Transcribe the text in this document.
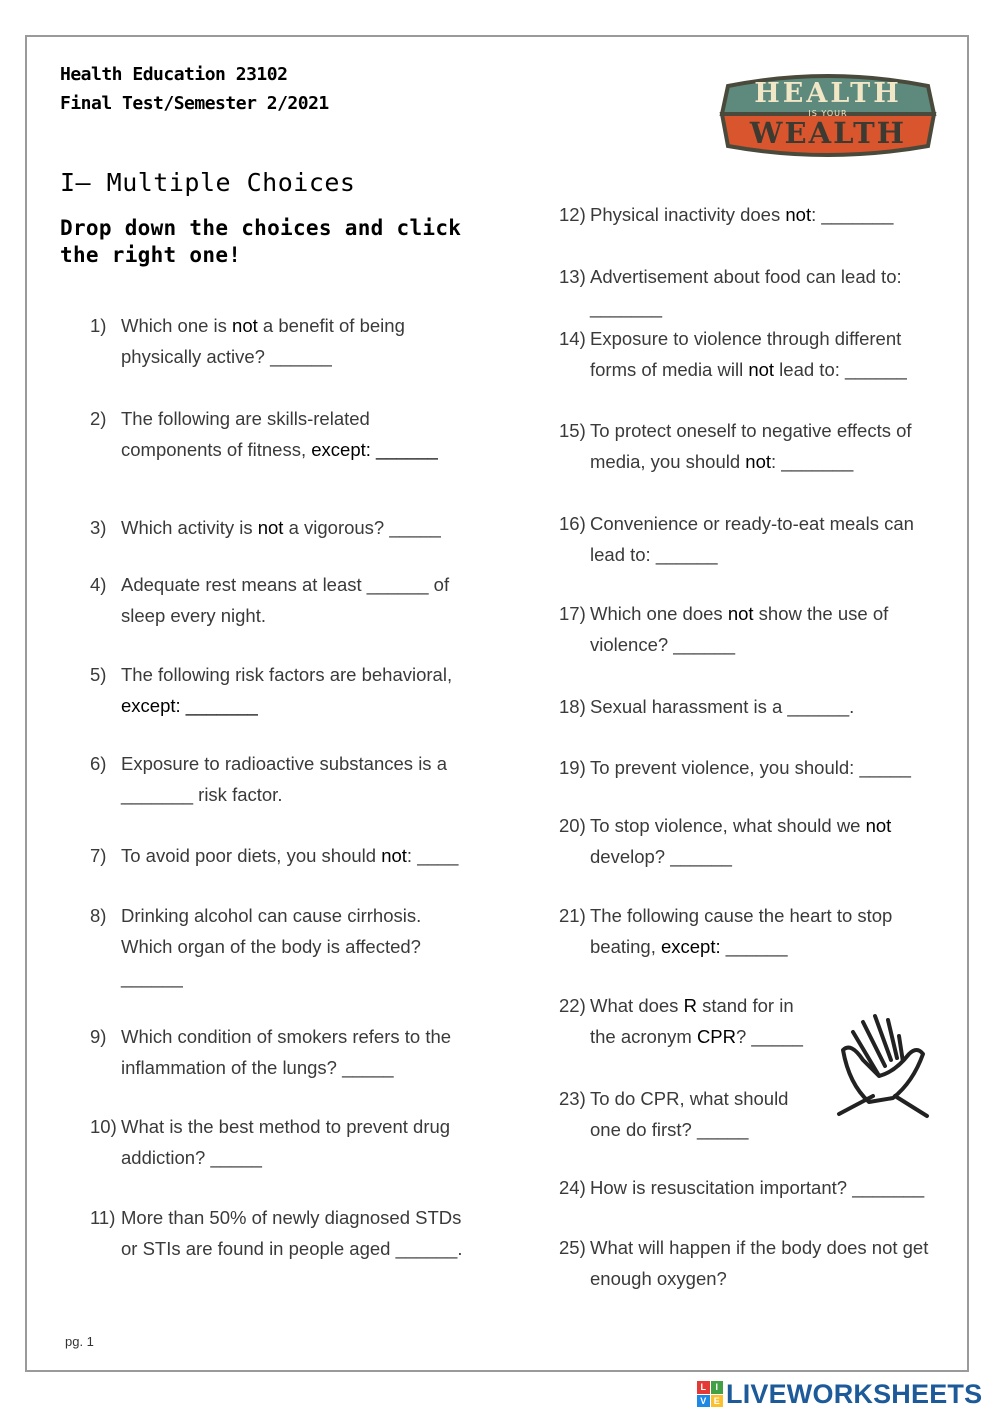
Health Education 23102
Final Test/Semester 2/2021	HEALTH
IS YOUR
WEALTH
I– Multiple Choices
Drop down the choices and click the right one!
1) Which one is not a benefit of being physically active? ______
2) The following are skills-related components of fitness, except: ______
3) Which activity is not a vigorous? _____
4) Adequate rest means at least ______ of sleep every night.
5) The following risk factors are behavioral, except: _______
6) Exposure to radioactive substances is a _______ risk factor.
7) To avoid poor diets, you should not: ____
8) Drinking alcohol can cause cirrhosis. Which organ of the body is affected? ______
9) Which condition of smokers refers to the inflammation of the lungs? _____
10) What is the best method to prevent drug addiction? _____
11) More than 50% of newly diagnosed STDs or STIs are found in people aged ______.
12) Physical inactivity does not: _______
13) Advertisement about food can lead to: _______
14) Exposure to violence through different forms of media will not lead to: ______
15) To protect oneself to negative effects of media, you should not: _______
16) Convenience or ready-to-eat meals can lead to: ______
17) Which one does not show the use of violence? ______
18) Sexual harassment is a ______.
19) To prevent violence, you should: _____
20) To stop violence, what should we not develop? ______
21) The following cause the heart to stop beating, except: ______
22) What does R stand for in the acronym CPR? _____
23) To do CPR, what should one do first? _____
24) How is resuscitation important? _______
25) What will happen if the body does not get enough oxygen?
pg. 1
L	I
V E LIVEWORKSHEETS
